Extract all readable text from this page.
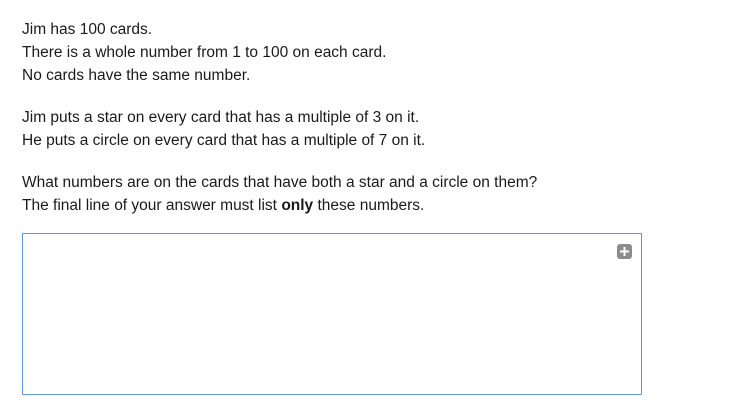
Jim has 100 cards.
There is a whole number from 1 to 100 on each card.
No cards have the same number.
Jim puts a star on every card that has a multiple of 3 on it.
He puts a circle on every card that has a multiple of 7 on it.
What numbers are on the cards that have both a star and a circle on them?
The final line of your answer must list only these numbers.
